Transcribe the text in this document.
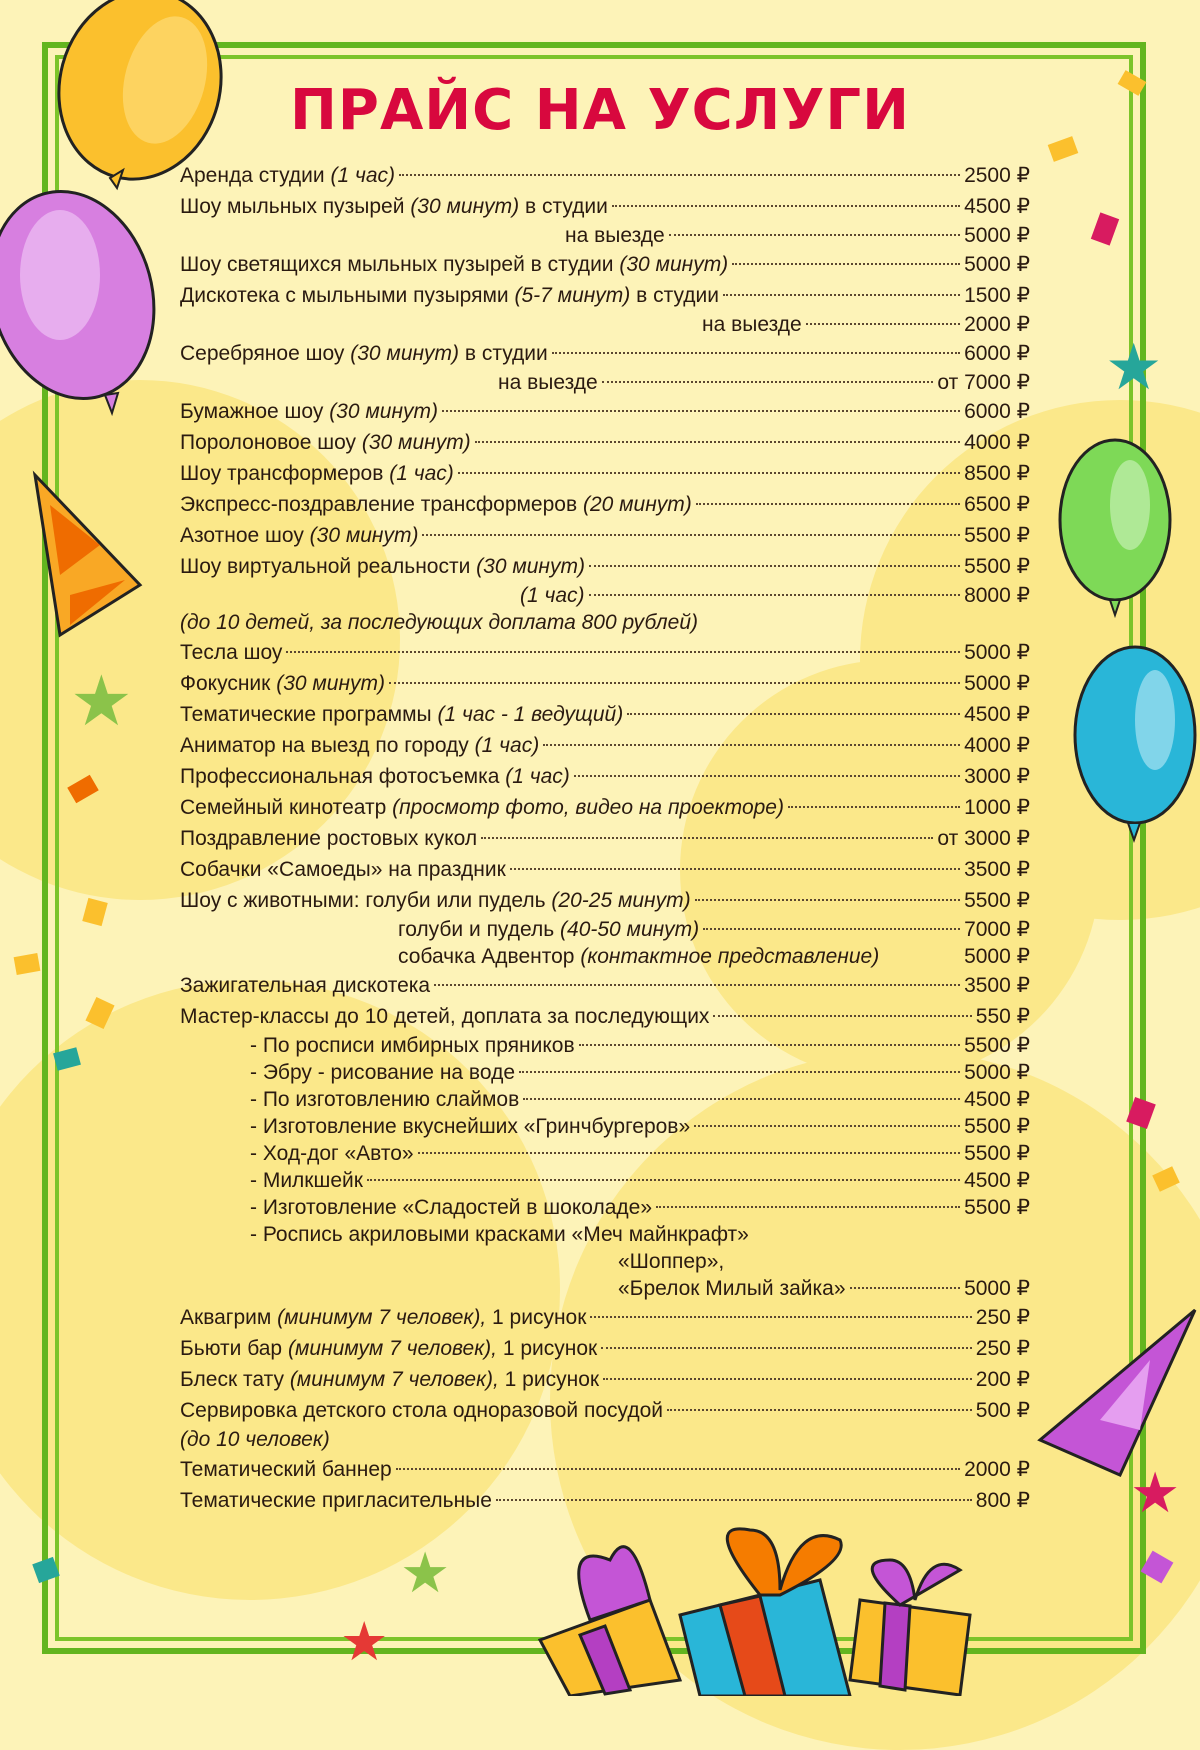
★
★
★
★
★
ПРАЙС НА УСЛУГИ
Аренда студии (1 час)	2500 ₽
Шоу мыльных пузырей (30 минут) в студии	4500 ₽
на выезде	5000 ₽
Шоу светящихся мыльных пузырей в студии (30 минут)	5000 ₽
Дискотека с мыльными пузырями (5-7 минут) в студии	1500 ₽
на выезде	2000 ₽
Серебряное шоу (30 минут) в студии	6000 ₽
на выезде	от 7000 ₽
Бумажное шоу (30 минут)	6000 ₽
Поролоновое шоу (30 минут)	4000 ₽
Шоу трансформеров (1 час)	8500 ₽
Экспресс-поздравление трансформеров (20 минут)	6500 ₽
Азотное шоу (30 минут)	5500 ₽
Шоу виртуальной реальности (30 минут)	5500 ₽
(1 час)	8000 ₽
(до 10 детей, за последующих доплата 800 рублей)
Тесла шоу	5000 ₽
Фокусник (30 минут)	5000 ₽
Тематические программы (1 час - 1 ведущий)	4500 ₽
Аниматор на выезд по городу (1 час)	4000 ₽
Профессиональная фотосъемка (1 час)	3000 ₽
Семейный кинотеатр (просмотр фото, видео на проекторе)	1000 ₽
Поздравление ростовых кукол	от 3000 ₽
Собачки «Самоеды» на праздник	3500 ₽
Шоу с животными: голуби или пудель (20-25 минут)	5500 ₽
голуби и пудель (40-50 минут)	7000 ₽
собачка Адвентор (контактное представление)	5000 ₽
Зажигательная дискотека	3500 ₽
Мастер-классы до 10 детей, доплата за последующих	550 ₽
- По росписи имбирных пряников	5500 ₽
- Эбру - рисование на воде	5000 ₽
- По изготовлению слаймов	4500 ₽
- Изготовление вкуснейших «Гринчбургеров»	5500 ₽
- Ход-дог «Авто»	5500 ₽
- Милкшейк	4500 ₽
- Изготовление «Сладостей в шоколаде»	5500 ₽
- Роспись акриловыми красками «Меч майнкрафт»
«Шоппер»,
«Брелок Милый зайка»	5000 ₽
Аквагрим (минимум 7 человек), 1 рисунок	250 ₽
Бьюти бар (минимум 7 человек), 1 рисунок	250 ₽
Блеск тату (минимум 7 человек), 1 рисунок	200 ₽
Сервировка детского стола одноразовой посудой	500 ₽
(до 10 человек)
Тематический баннер	2000 ₽
Тематические пригласительные	800 ₽
